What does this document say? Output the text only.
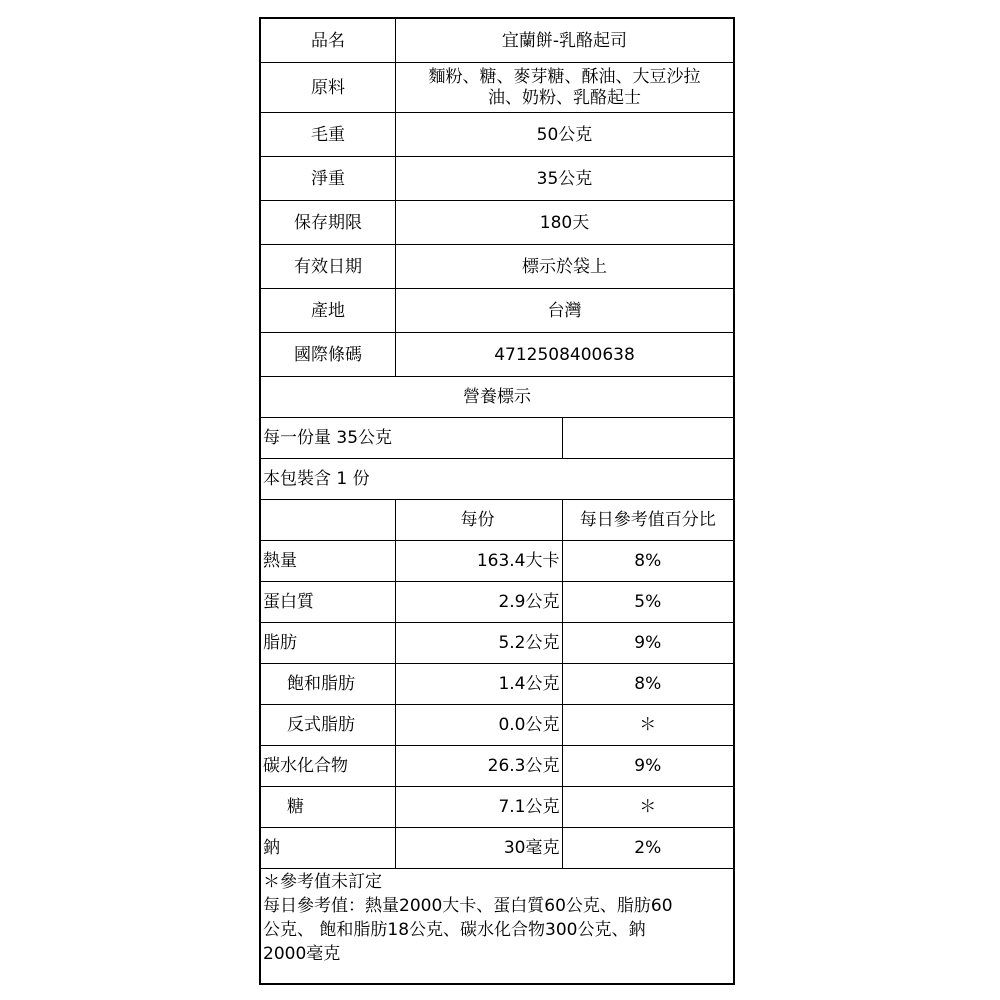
品名	宜蘭餅-乳酪起司
原料	麵粉、糖、麥芽糖、酥油、大豆沙拉
油、奶粉、乳酪起士

毛重	50公克
淨重	35公克
保存期限	180天
有效日期	標示於袋上
產地	台灣
國際條碼	4712508400638
營養標示		
每一份量 35公克		
本包裝含 1 份		
	每份	每日參考值百分比
熱量	163.4大卡	8%
蛋白質	2.9公克	5%
脂肪	5.2公克	9%
飽和脂肪	1.4公克	8%
反式脂肪	0.0公克	＊
碳水化合物	26.3公克	9%
糖	7.1公克	＊
鈉	30毫克	2%

＊參考值未訂定
每日參考值：熱量2000大卡、蛋白質60公克、脂肪60
公克、 飽和脂肪18公克、碳水化合物300公克、鈉
2000毫克		
